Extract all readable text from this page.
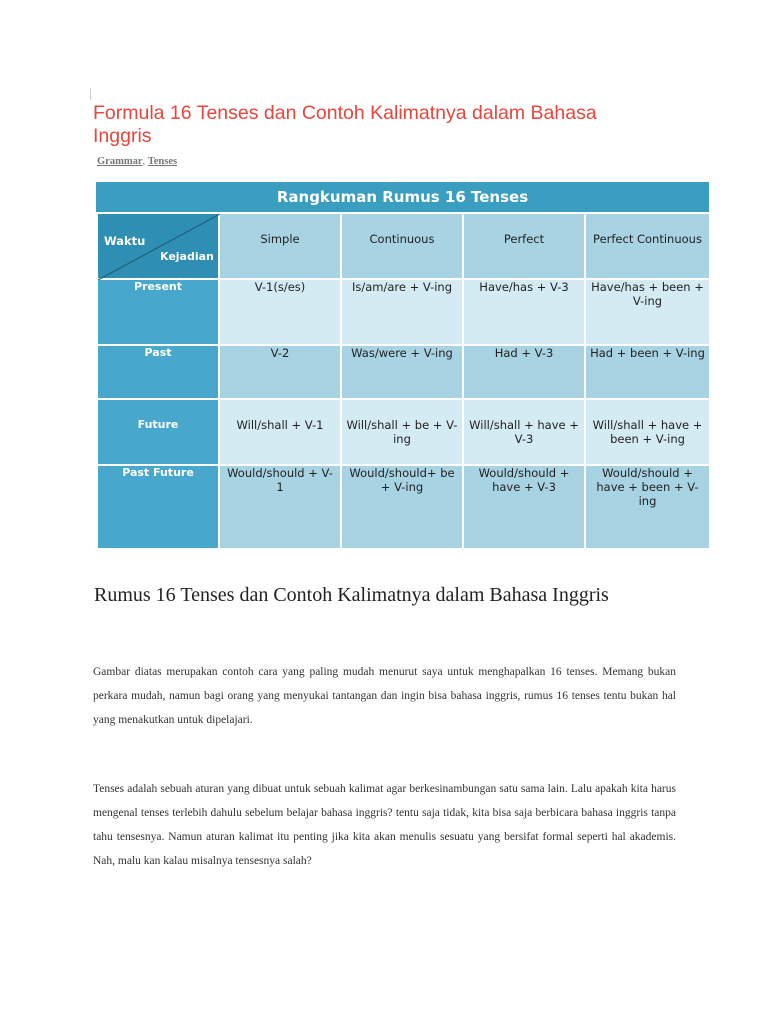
Formula 16 Tenses dan Contoh Kalimatnya dalam Bahasa Inggris
Grammar, Tenses
Rangkuman Rumus 16 Tenses
Waktu
Kejadian	Simple	Continuous	Perfect	Perfect Continuous
Present	V-1(s/es)	Is/am/are + V-ing	Have/has + V-3	Have/has + been + V-ing
Past	V-2	Was/were + V-ing	Had + V-3	Had + been + V-ing
Future	Will/shall + V-1	Will/shall + be + V-ing	Will/shall + have + V-3	Will/shall + have + been + V-ing
Past Future	Would/should + V-1	Would/should+ be + V-ing	Would/should + have + V-3	Would/should + have + been + V-ing
Rumus 16 Tenses dan Contoh Kalimatnya dalam Bahasa Inggris

Gambar diatas merupakan contoh cara yang paling mudah menurut saya untuk menghapalkan 16 tenses. Memang bukan perkara mudah, namun bagi orang yang menyukai tantangan dan ingin bisa bahasa inggris, rumus 16 tenses tentu bukan hal yang menakutkan untuk dipelajari.

Tenses adalah sebuah aturan yang dibuat untuk sebuah kalimat agar berkesinambungan satu sama lain. Lalu apakah kita harus mengenal tenses terlebih dahulu sebelum belajar bahasa inggris? tentu saja tidak, kita bisa saja berbicara bahasa inggris tanpa tahu tensesnya. Namun aturan kalimat itu penting jika kita akan menulis sesuatu yang bersifat formal seperti hal akademis. Nah, malu kan kalau misalnya tensesnya salah?
